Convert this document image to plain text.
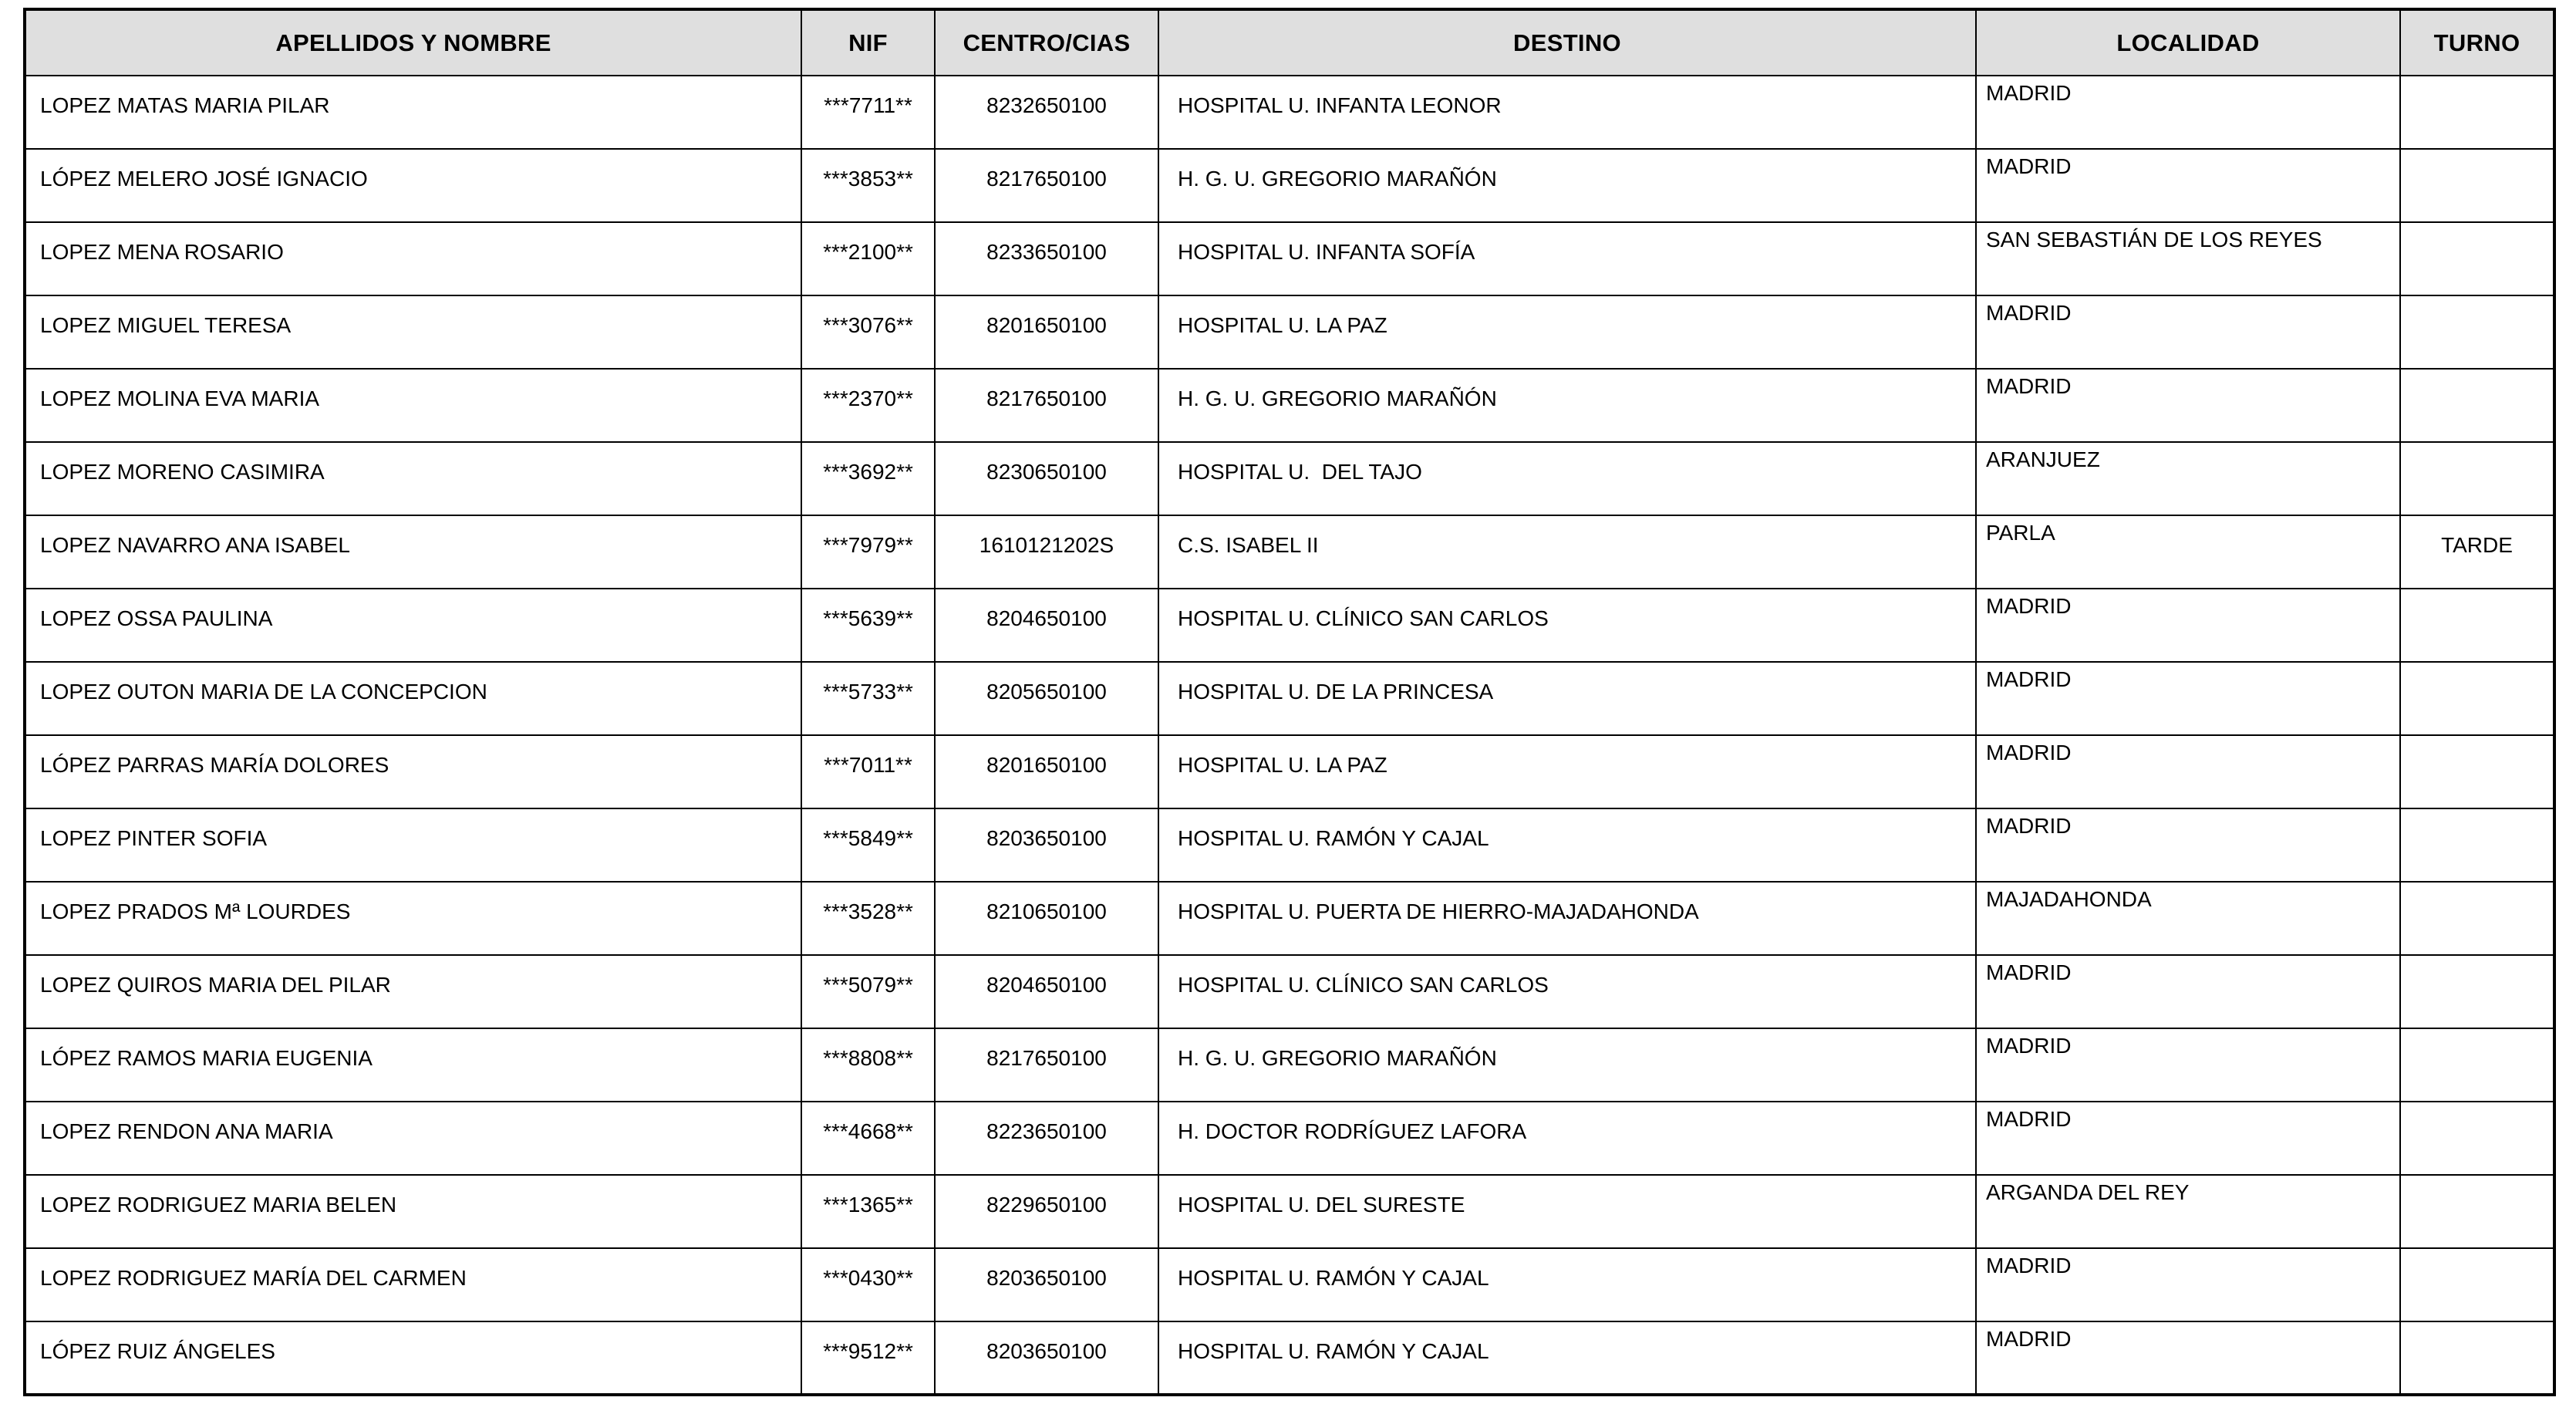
APELLIDOS Y NOMBRE	NIF	CENTRO/CIAS	DESTINO	LOCALIDAD	TURNO
LOPEZ MATAS MARIA PILAR	***7711**	8232650100	HOSPITAL U. INFANTA LEONOR	MADRID	
LÓPEZ MELERO JOSÉ IGNACIO	***3853**	8217650100	H. G. U. GREGORIO MARAÑÓN	MADRID	
LOPEZ MENA ROSARIO	***2100**	8233650100	HOSPITAL U. INFANTA SOFÍA	SAN SEBASTIÁN DE LOS REYES	
LOPEZ MIGUEL TERESA	***3076**	8201650100	HOSPITAL U. LA PAZ	MADRID	
LOPEZ MOLINA EVA MARIA	***2370**	8217650100	H. G. U. GREGORIO MARAÑÓN	MADRID	
LOPEZ MORENO CASIMIRA	***3692**	8230650100	HOSPITAL U.  DEL TAJO	ARANJUEZ	
LOPEZ NAVARRO ANA ISABEL	***7979**	1610121202S	C.S. ISABEL II	PARLA	TARDE
LOPEZ OSSA PAULINA	***5639**	8204650100	HOSPITAL U. CLÍNICO SAN CARLOS	MADRID	
LOPEZ OUTON MARIA DE LA CONCEPCION	***5733**	8205650100	HOSPITAL U. DE LA PRINCESA	MADRID	
LÓPEZ PARRAS MARÍA DOLORES	***7011**	8201650100	HOSPITAL U. LA PAZ	MADRID	
LOPEZ PINTER SOFIA	***5849**	8203650100	HOSPITAL U. RAMÓN Y CAJAL	MADRID	
LOPEZ PRADOS Mª LOURDES	***3528**	8210650100	HOSPITAL U. PUERTA DE HIERRO-MAJADAHONDA	MAJADAHONDA	
LOPEZ QUIROS MARIA DEL PILAR	***5079**	8204650100	HOSPITAL U. CLÍNICO SAN CARLOS	MADRID	
LÓPEZ RAMOS MARIA EUGENIA	***8808**	8217650100	H. G. U. GREGORIO MARAÑÓN	MADRID	
LOPEZ RENDON ANA MARIA	***4668**	8223650100	H. DOCTOR RODRÍGUEZ LAFORA	MADRID	
LOPEZ RODRIGUEZ MARIA BELEN	***1365**	8229650100	HOSPITAL U. DEL SURESTE	ARGANDA DEL REY	
LOPEZ RODRIGUEZ MARÍA DEL CARMEN	***0430**	8203650100	HOSPITAL U. RAMÓN Y CAJAL	MADRID	
LÓPEZ RUIZ ÁNGELES	***9512**	8203650100	HOSPITAL U. RAMÓN Y CAJAL	MADRID	
